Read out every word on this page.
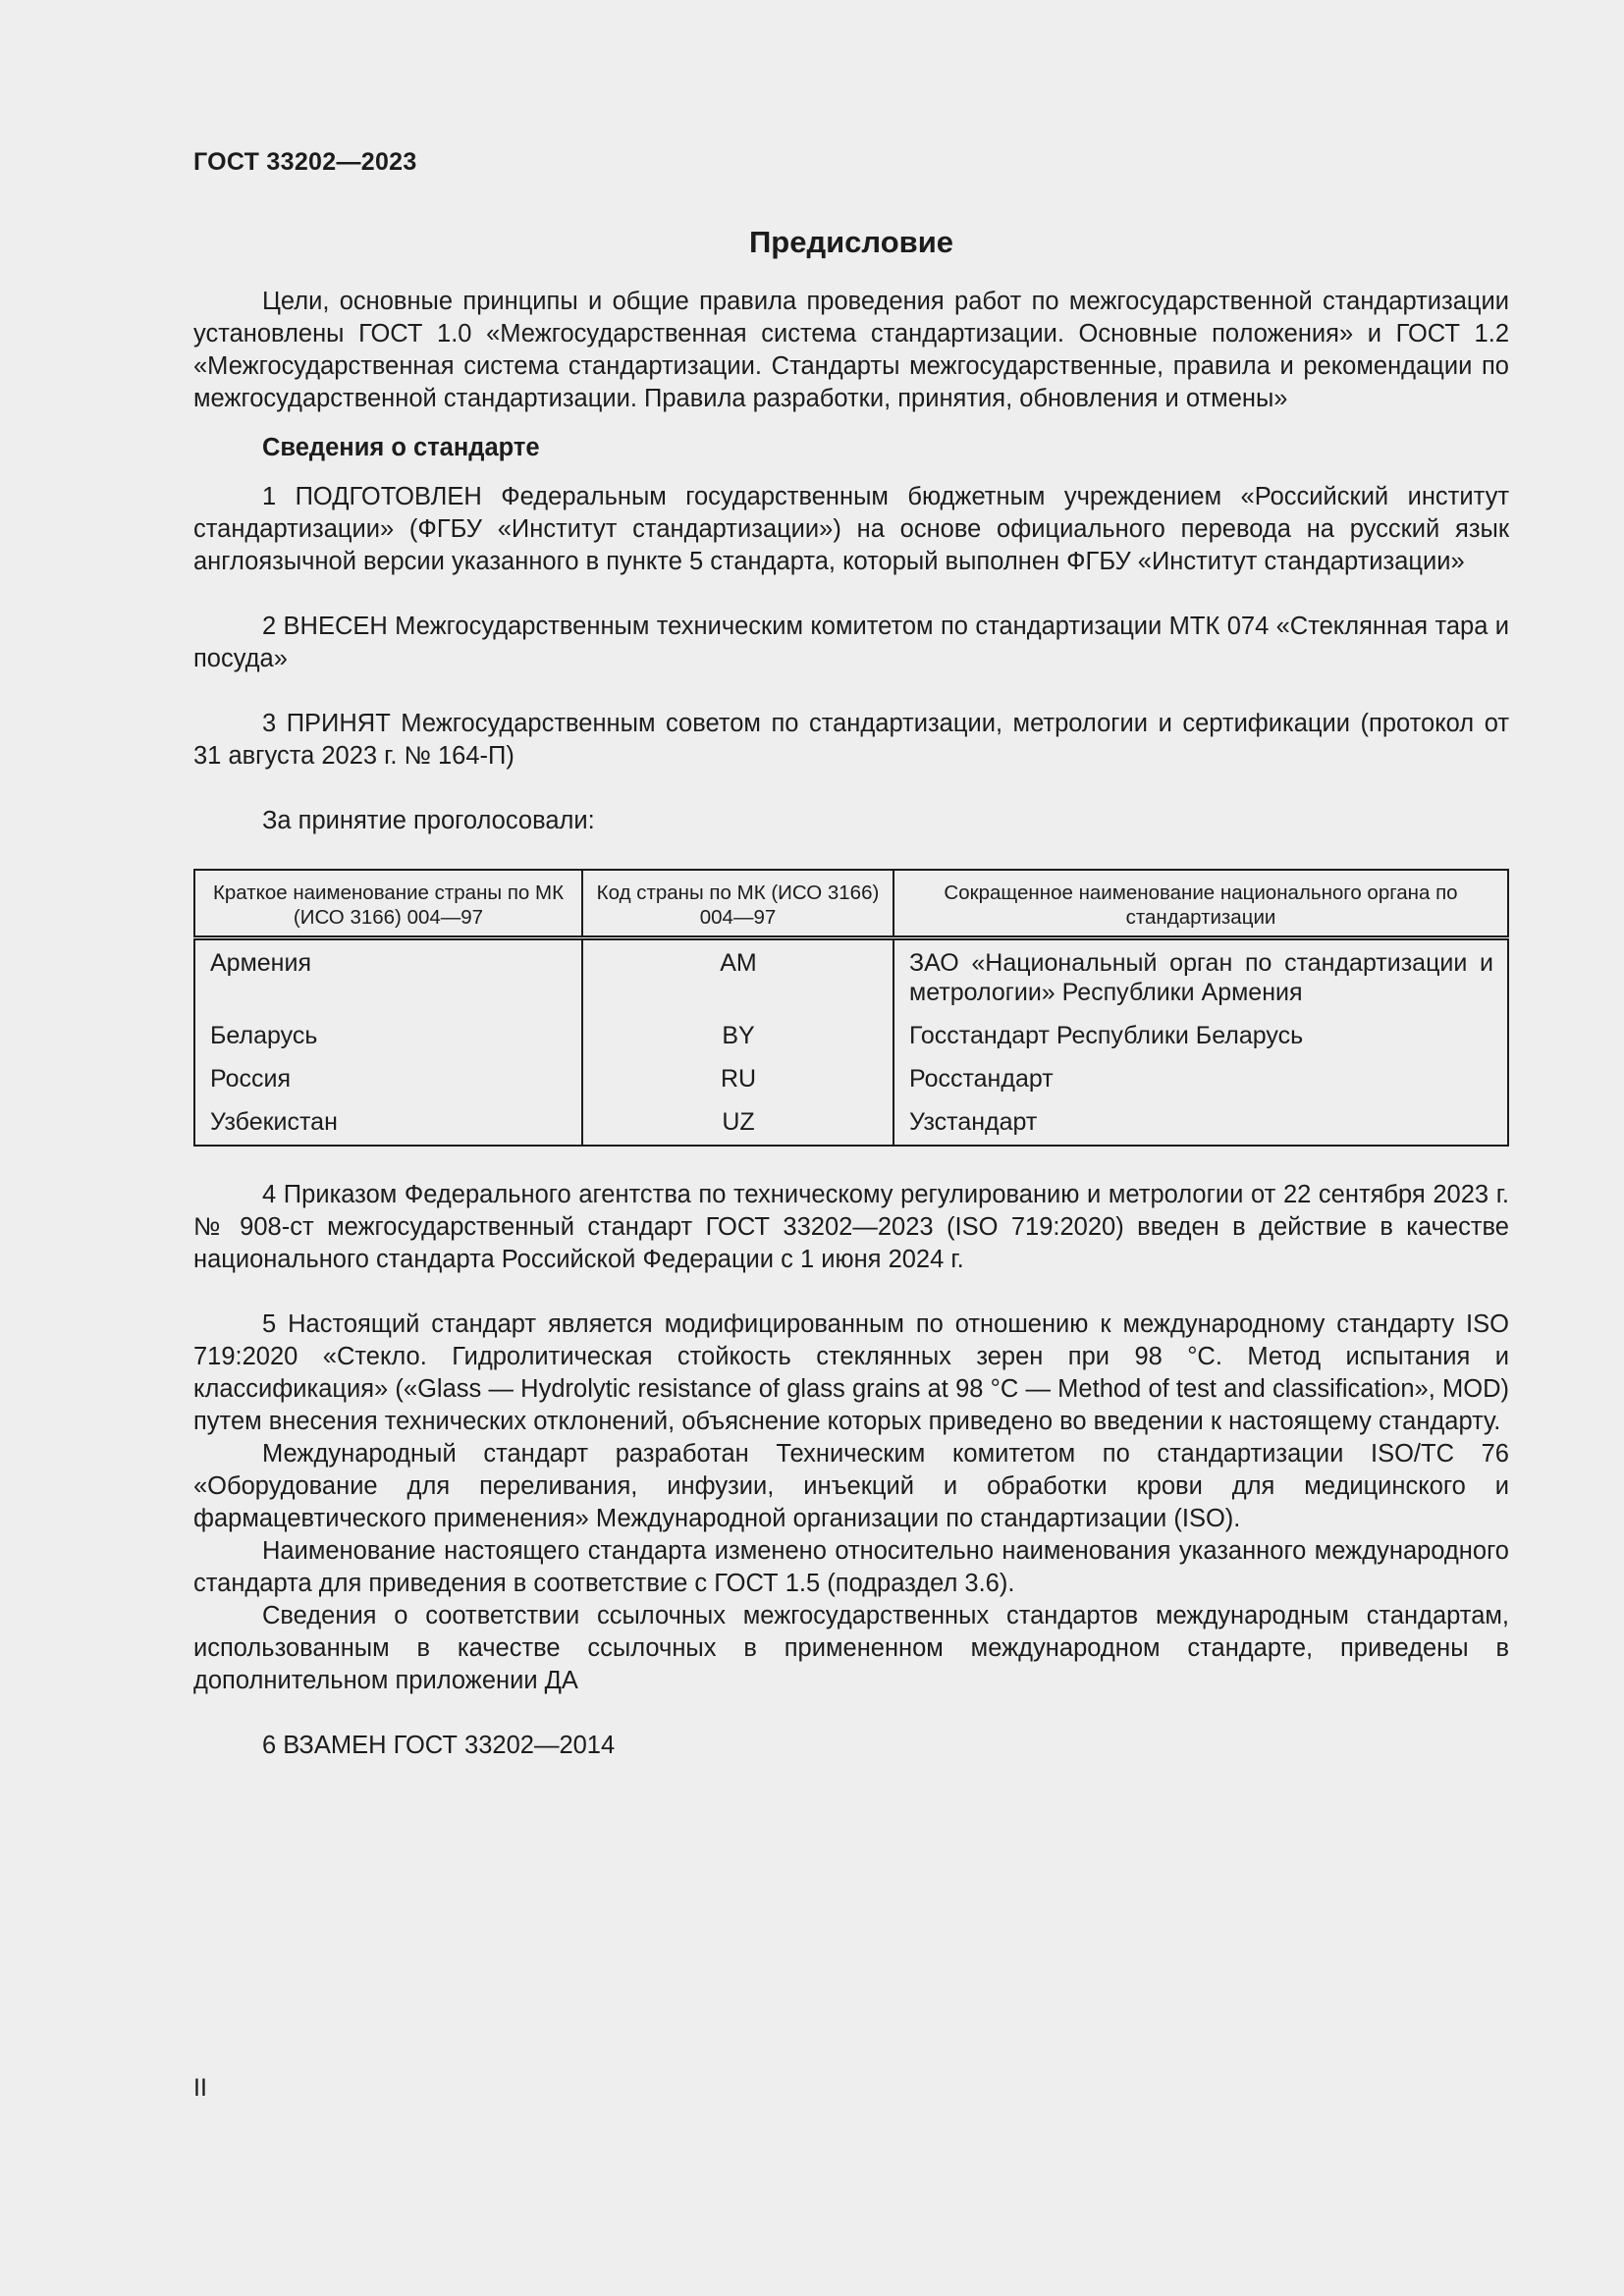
ГОСТ 33202—2023
Предисловие

Цели, основные принципы и общие правила проведения работ по межгосударственной стандартизации установлены ГОСТ 1.0 «Межгосударственная система стандартизации. Основные положения» и ГОСТ 1.2 «Межгосударственная система стандартизации. Стандарты межгосударственные, правила и рекомендации по межгосударственной стандартизации. Правила разработки, принятия, обновления и отмены»

Сведения о стандарте

1 ПОДГОТОВЛЕН Федеральным государственным бюджетным учреждением «Российский институт стандартизации» (ФГБУ «Институт стандартизации») на основе официального перевода на русский язык англоязычной версии указанного в пункте 5 стандарта, который выполнен ФГБУ «Институт стандартизации»

2 ВНЕСЕН Межгосударственным техническим комитетом по стандартизации МТК 074 «Стеклянная тара и посуда»

3 ПРИНЯТ Межгосударственным советом по стандартизации, метрологии и сертификации (протокол от 31 августа 2023 г. № 164-П)

За принятие проголосовали:

Краткое наименование страны по МК (ИСО 3166) 004—97	Код страны по МК (ИСО 3166) 004—97	Сокращенное наименование национального органа по стандартизации
Армения	AM	ЗАО «Национальный орган по стандартизации и метрологии» Республики Армения
Беларусь	BY	Госстандарт Республики Беларусь
Россия	RU	Росстандарт
Узбекистан	UZ	Узстандарт

4 Приказом Федерального агентства по техническому регулированию и метрологии от 22 сентября 2023 г. № 908-ст межгосударственный стандарт ГОСТ 33202—2023 (ISO 719:2020) введен в действие в качестве национального стандарта Российской Федерации с 1 июня 2024 г.

5 Настоящий стандарт является модифицированным по отношению к международному стандарту ISO 719:2020 «Стекло. Гидролитическая стойкость стеклянных зерен при 98 °С. Метод испытания и классификация» («Glass — Hydrolytic resistance of glass grains at 98 °C — Method of test and classification», MOD) путем внесения технических отклонений, объяснение которых приведено во введении к настоящему стандарту.

Международный стандарт разработан Техническим комитетом по стандартизации ISO/TC 76 «Оборудование для переливания, инфузии, инъекций и обработки крови для медицинского и фармацевтического применения» Международной организации по стандартизации (ISO).

Наименование настоящего стандарта изменено относительно наименования указанного международного стандарта для приведения в соответствие с ГОСТ 1.5 (подраздел 3.6).

Сведения о соответствии ссылочных межгосударственных стандартов международным стандартам, использованным в качестве ссылочных в примененном международном стандарте, приведены в дополнительном приложении ДА

6 ВЗАМЕН ГОСТ 33202—2014

II
